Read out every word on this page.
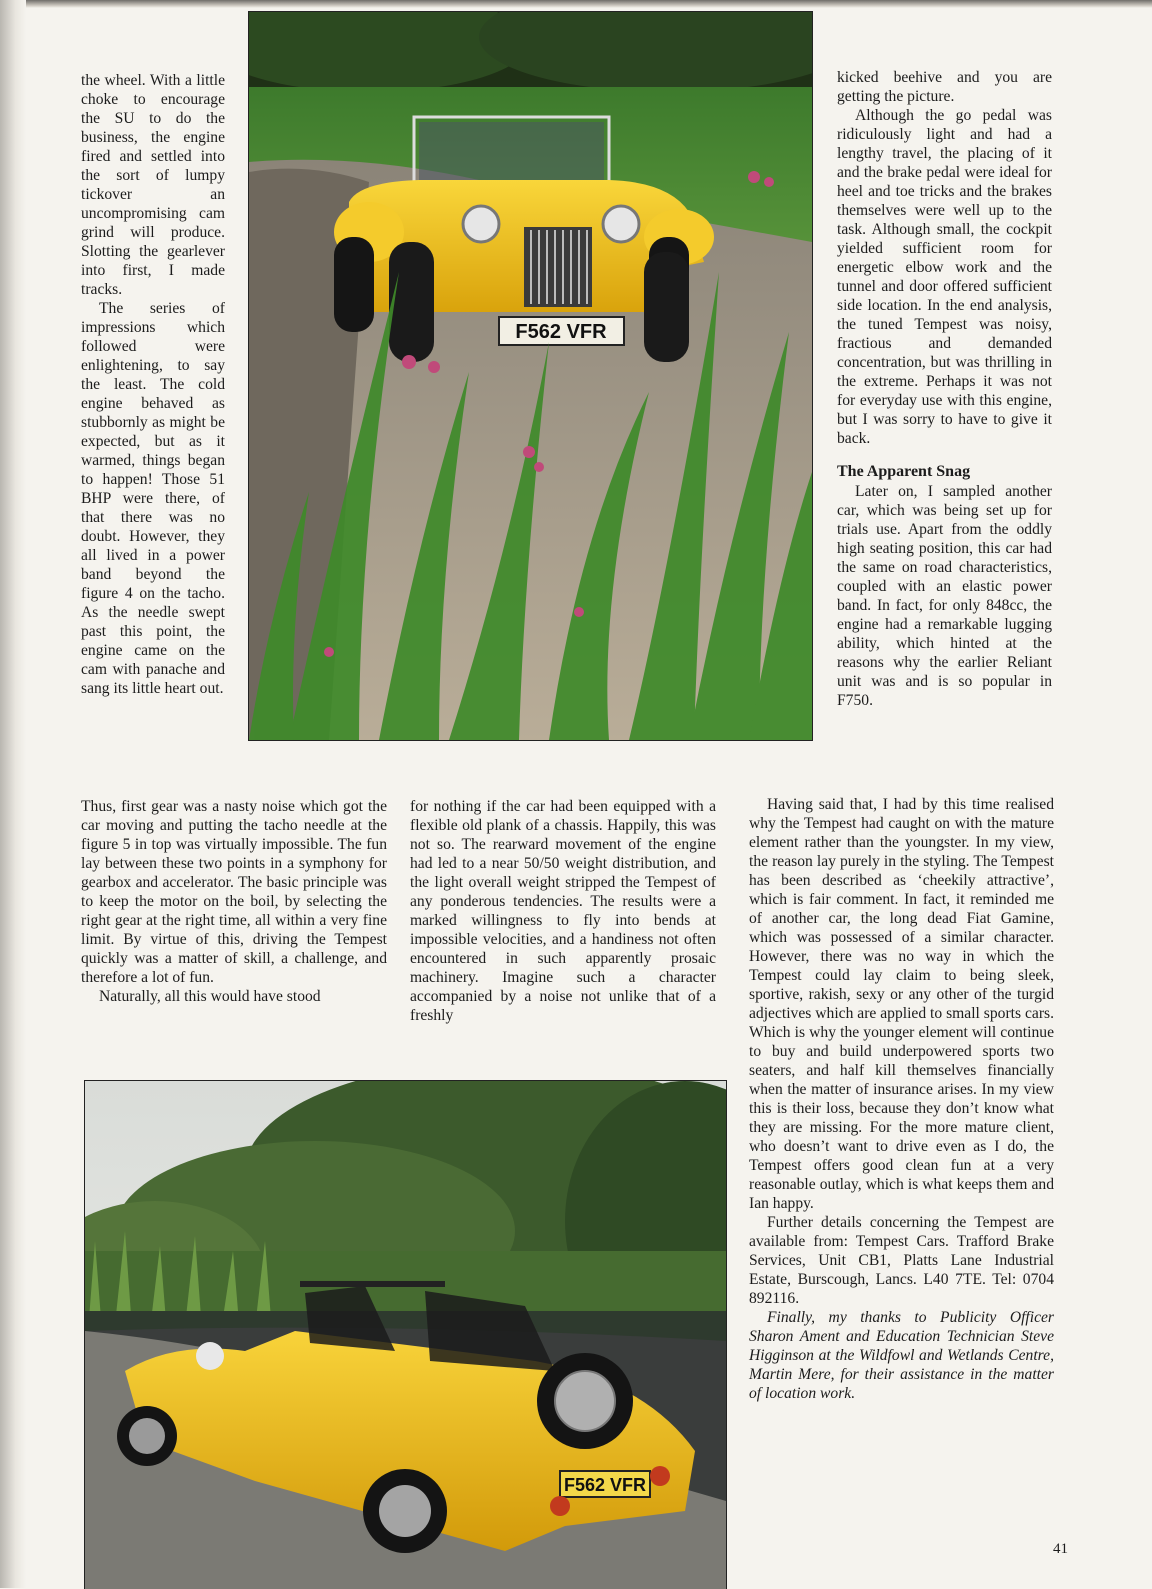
the wheel. With a little choke to encourage the SU to do the business, the engine fired and settled into the sort of lumpy tickover an uncompromising cam grind will produce. Slotting the gearlever into first, I made tracks.

The series of impressions which followed were enlightening, to say the least. The cold engine behaved as stubbornly as might be expected, but as it warmed, things began to happen! Those 51 BHP were there, of that there was no doubt. However, they all lived in a power band beyond the figure 4 on the tacho. As the needle swept past this point, the engine came on the cam with panache and sang its little heart out.

F562 VFR

kicked beehive and you are getting the picture.

Although the go pedal was ridiculously light and had a lengthy travel, the placing of it and the brake pedal were ideal for heel and toe tricks and the brakes themselves were well up to the task. Although small, the cockpit yielded sufficient room for energetic elbow work and the tunnel and door offered sufficient side location. In the end analysis, the tuned Tempest was noisy, fractious and demanded concentration, but was thrilling in the extreme. Perhaps it was not for everyday use with this engine, but I was sorry to have to give it back.

The Apparent Snag

Later on, I sampled another car, which was being set up for trials use. Apart from the oddly high seating position, this car had the same on road characteristics, coupled with an elastic power band. In fact, for only 848cc, the engine had a remarkable lugging ability, which hinted at the reasons why the earlier Reliant unit was and is so popular in F750.

Thus, first gear was a nasty noise which got the car moving and putting the tacho needle at the figure 5 in top was virtually impossible. The fun lay between these two points in a symphony for gearbox and accelerator. The basic principle was to keep the motor on the boil, by selecting the right gear at the right time, all within a very fine limit. By virtue of this, driving the Tempest quickly was a matter of skill, a challenge, and therefore a lot of fun.

Naturally, all this would have stood

for nothing if the car had been equipped with a flexible old plank of a chassis. Happily, this was not so. The rearward movement of the engine had led to a near 50/50 weight distribution, and the light overall weight stripped the Tempest of any ponderous tendencies. The results were a marked willingness to fly into bends at impossible velocities, and a handiness not often encountered in such apparently prosaic machinery. Imagine such a character accompanied by a noise not unlike that of a freshly

Having said that, I had by this time realised why the Tempest had caught on with the mature element rather than the youngster. In my view, the reason lay purely in the styling. The Tempest has been described as ‘cheekily attractive’, which is fair comment. In fact, it reminded me of another car, the long dead Fiat Gamine, which was possessed of a similar character. However, there was no way in which the Tempest could lay claim to being sleek, sportive, rakish, sexy or any other of the turgid adjectives which are applied to small sports cars. Which is why the younger element will continue to buy and build underpowered sports two seaters, and half kill themselves financially when the matter of insurance arises. In my view this is their loss, because they don’t know what they are missing. For the more mature client, who doesn’t want to drive even as I do, the Tempest offers good clean fun at a very reasonable outlay, which is what keeps them and Ian happy.

Further details concerning the Tempest are available from: Tempest Cars. Trafford Brake Services, Unit CB1, Platts Lane Industrial Estate, Burscough, Lancs. L40 7TE. Tel: 0704 892116.

Finally, my thanks to Publicity Officer Sharon Ament and Education Technician Steve Higginson at the Wildfowl and Wetlands Centre, Martin Mere, for their assistance in the matter of location work.

F562 VFR
41
